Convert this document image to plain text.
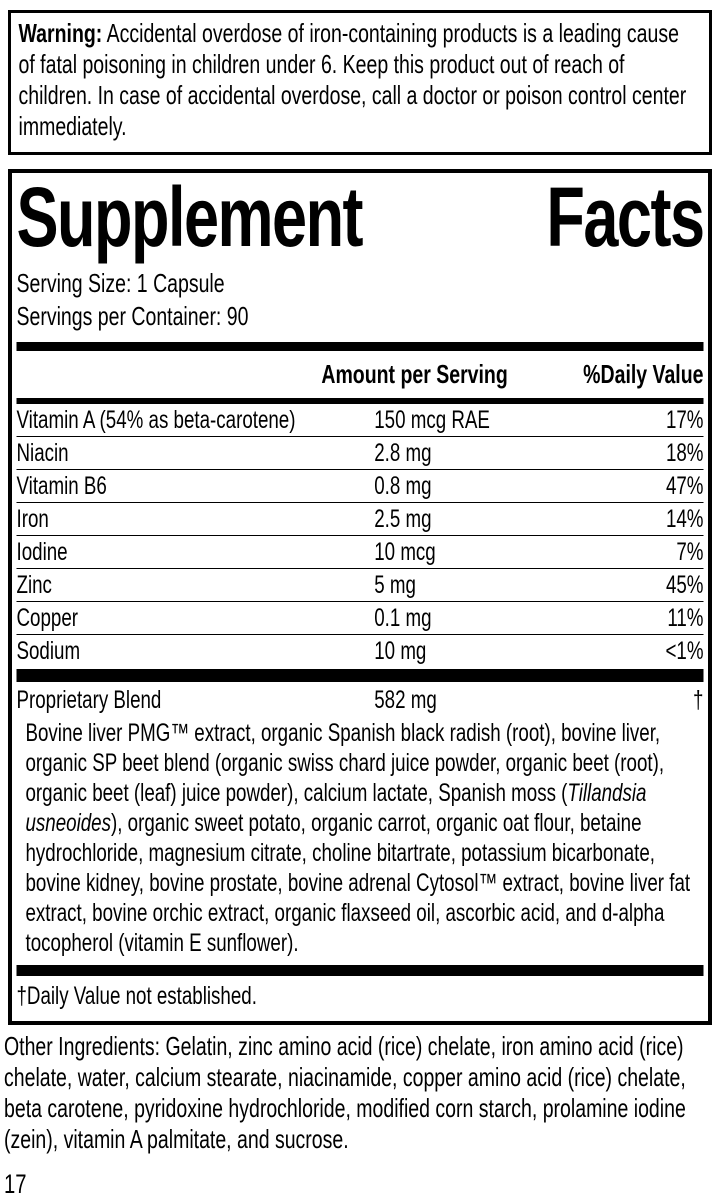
Warning: Accidental overdose of iron-containing products is a leading cause of fatal poisoning in children under 6. Keep this product out of reach of children. In case of accidental overdose, call a doctor or poison control center immediately.
Supplement Facts
Serving Size: 1 Capsule
Servings per Container: 90
Amount per Serving	%Daily Value
Vitamin A (54% as beta-carotene)	150 mcg RAE	17%
Niacin	2.8 mg	18%
Vitamin B6	0.8 mg	47%
Iron	2.5 mg	14%
Iodine	10 mcg	7%
Zinc	5 mg	45%
Copper	0.1 mg	11%
Sodium	10 mg	<1%
Proprietary Blend	582 mg	†
Bovine liver PMG™ extract, organic Spanish black radish (root), bovine liver, organic SP beet blend (organic swiss chard juice powder, organic beet (root), organic beet (leaf) juice powder), calcium lactate, Spanish moss (Tillandsia usneoides), organic sweet potato, organic carrot, organic oat flour, betaine hydrochloride, magnesium citrate, choline bitartrate, potassium bicarbonate, bovine kidney, bovine prostate, bovine adrenal Cytosol™ extract, bovine liver fat extract, bovine orchic extract, organic flaxseed oil, ascorbic acid, and d-alpha tocopherol (vitamin E sunflower).
†Daily Value not established.
Other Ingredients: Gelatin, zinc amino acid (rice) chelate, iron amino acid (rice) chelate, water, calcium stearate, niacinamide, copper amino acid (rice) chelate, beta carotene, pyridoxine hydrochloride, modified corn starch, prolamine iodine (zein), vitamin A palmitate, and sucrose.
17
